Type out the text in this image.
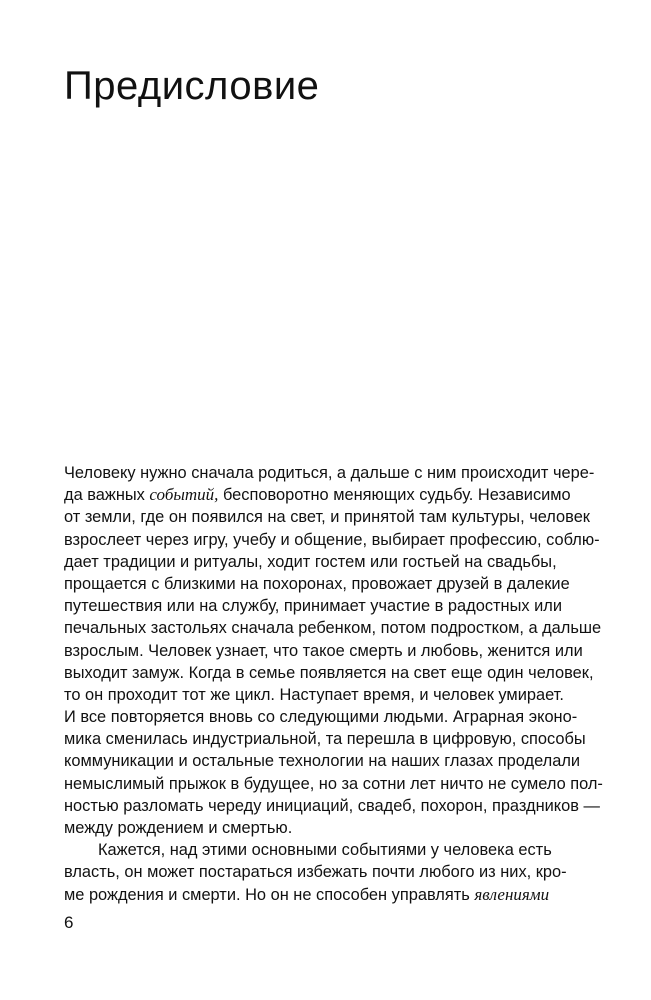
Предисловие
Человеку нужно сначала родиться, а дальше с ним происходит чере-
да важных событий, бесповоротно меняющих судьбу. Независимо
от земли, где он появился на свет, и принятой там культуры, человек
взрослеет через игру, учебу и общение, выбирает профессию, соблю-
дает традиции и ритуалы, ходит гостем или гостьей на свадьбы,
прощается с близкими на похоронах, провожает друзей в далекие
путешествия или на службу, принимает участие в радостных или
печальных застольях сначала ребенком, потом подростком, а дальше
взрослым. Человек узнает, что такое смерть и любовь, женится или
выходит замуж. Когда в семье появляется на свет еще один человек,
то он проходит тот же цикл. Наступает время, и человек умирает.
И все повторяется вновь со следующими людьми. Аграрная эконо-
мика сменилась индустриальной, та перешла в цифровую, способы
коммуникации и остальные технологии на наших глазах проделали
немыслимый прыжок в будущее, но за сотни лет ничто не сумело пол-
ностью разломать череду инициаций, свадеб, похорон, праздников —
между рождением и смертью.
Кажется, над этими основными событиями у человека есть
власть, он может постараться избежать почти любого из них, кро-
ме рождения и смерти. Но он не способен управлять явлениями
6
